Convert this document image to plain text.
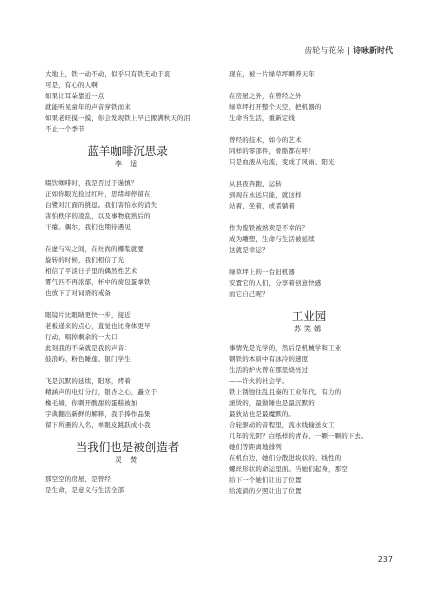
齿轮与花朵 | 诗咏新时代
大地上，铁一动不动，似乎只有铁无动于衷
可是，有心的人啊
如果让耳朵靠近一点
就能听见童年的声音穿铁而来
如果老旺摸一摸，你会发现铁上早已搬满秋天的泪
不止一个季节
蓝羊咖啡沉思录
李 适
啜饮咖啡时，我是否过于谨慎？
正如你眼光捡过红叶，思绪却停留在
白鹭对江面的挑逗。我们害怕水的消失
害怕秩序的凌乱，以及事物底熟后的
干瘪。偶尔，我们也期待遇见
在虚与实之间，在灶尚的椰浆就要
旋转的时候，我们相信了光
相信了平淡日子里的偶然性艺术
雾气匹不再浓郁，杯中的荷包蛋拿铁
也放下了对词语的戒备
眼镜片比眼睛更快一步，接近
老板递来的点心，直觉也比身体更早
行动，唱掉剩余的一大口
此刻我的不朵就是我的声音：
鼓浪屿、粉色睡莲、银门学生
飞是沉默的延续，阳寒，烤着
精涵声的电灯分行，银杏之心，矗立于
橡毛墙，你刺开酸甜的蛋糕被加
字典翻出新鲜的解释，我手捧作品集
留下所遇的人名，单眼皮跳跃成小我
当我们也是被创造者
灵 焚
那空空的房屋，是曾经
是生命，是意义与生活全部
现在，被一片绿草坪瞬养天年
在房屋之外，在曾经之外
绿草坪打开整个天空，把机器的
生命当生活，重新定线
曾经的技术，如今的艺术
同样的零部件，骨骼都在呼！
只是血液从电流，变成了风雨、阳光
从县夜奔跑、运转
到现在永远只能，就这样
站着、坐着，或者躺着
作为废铁被熟卖是不幸的？
成为雕塑，生命与生活被延续
这就是幸运？
绿草坪上的一台旧机器
安置它的人们，分享着创意快感
而它自己呢？
工业园
苏笑嫣
事情先是光学的，然后是机械学和工业
钢铁的本质中有冰冷的速度
生活的炉火曾在那里烧亮过
——许火的社会学。
铁上锈蚀往乱且奏的工业年代，有力的
滚烫的，最做锤也是最沉默的
最狄站也是最魔默的。
合轮驱动的音程里，流水线输送女工
几年的光阴？白纸样的青春、一颗一颗的下去。
她们等距离地排列
在机台边，她们分散进块状的、线性的
螺丝形状的命运里面。当她们起身，那空
给下一个她们让出了位置
给流淌的夕照让出了位置
237
